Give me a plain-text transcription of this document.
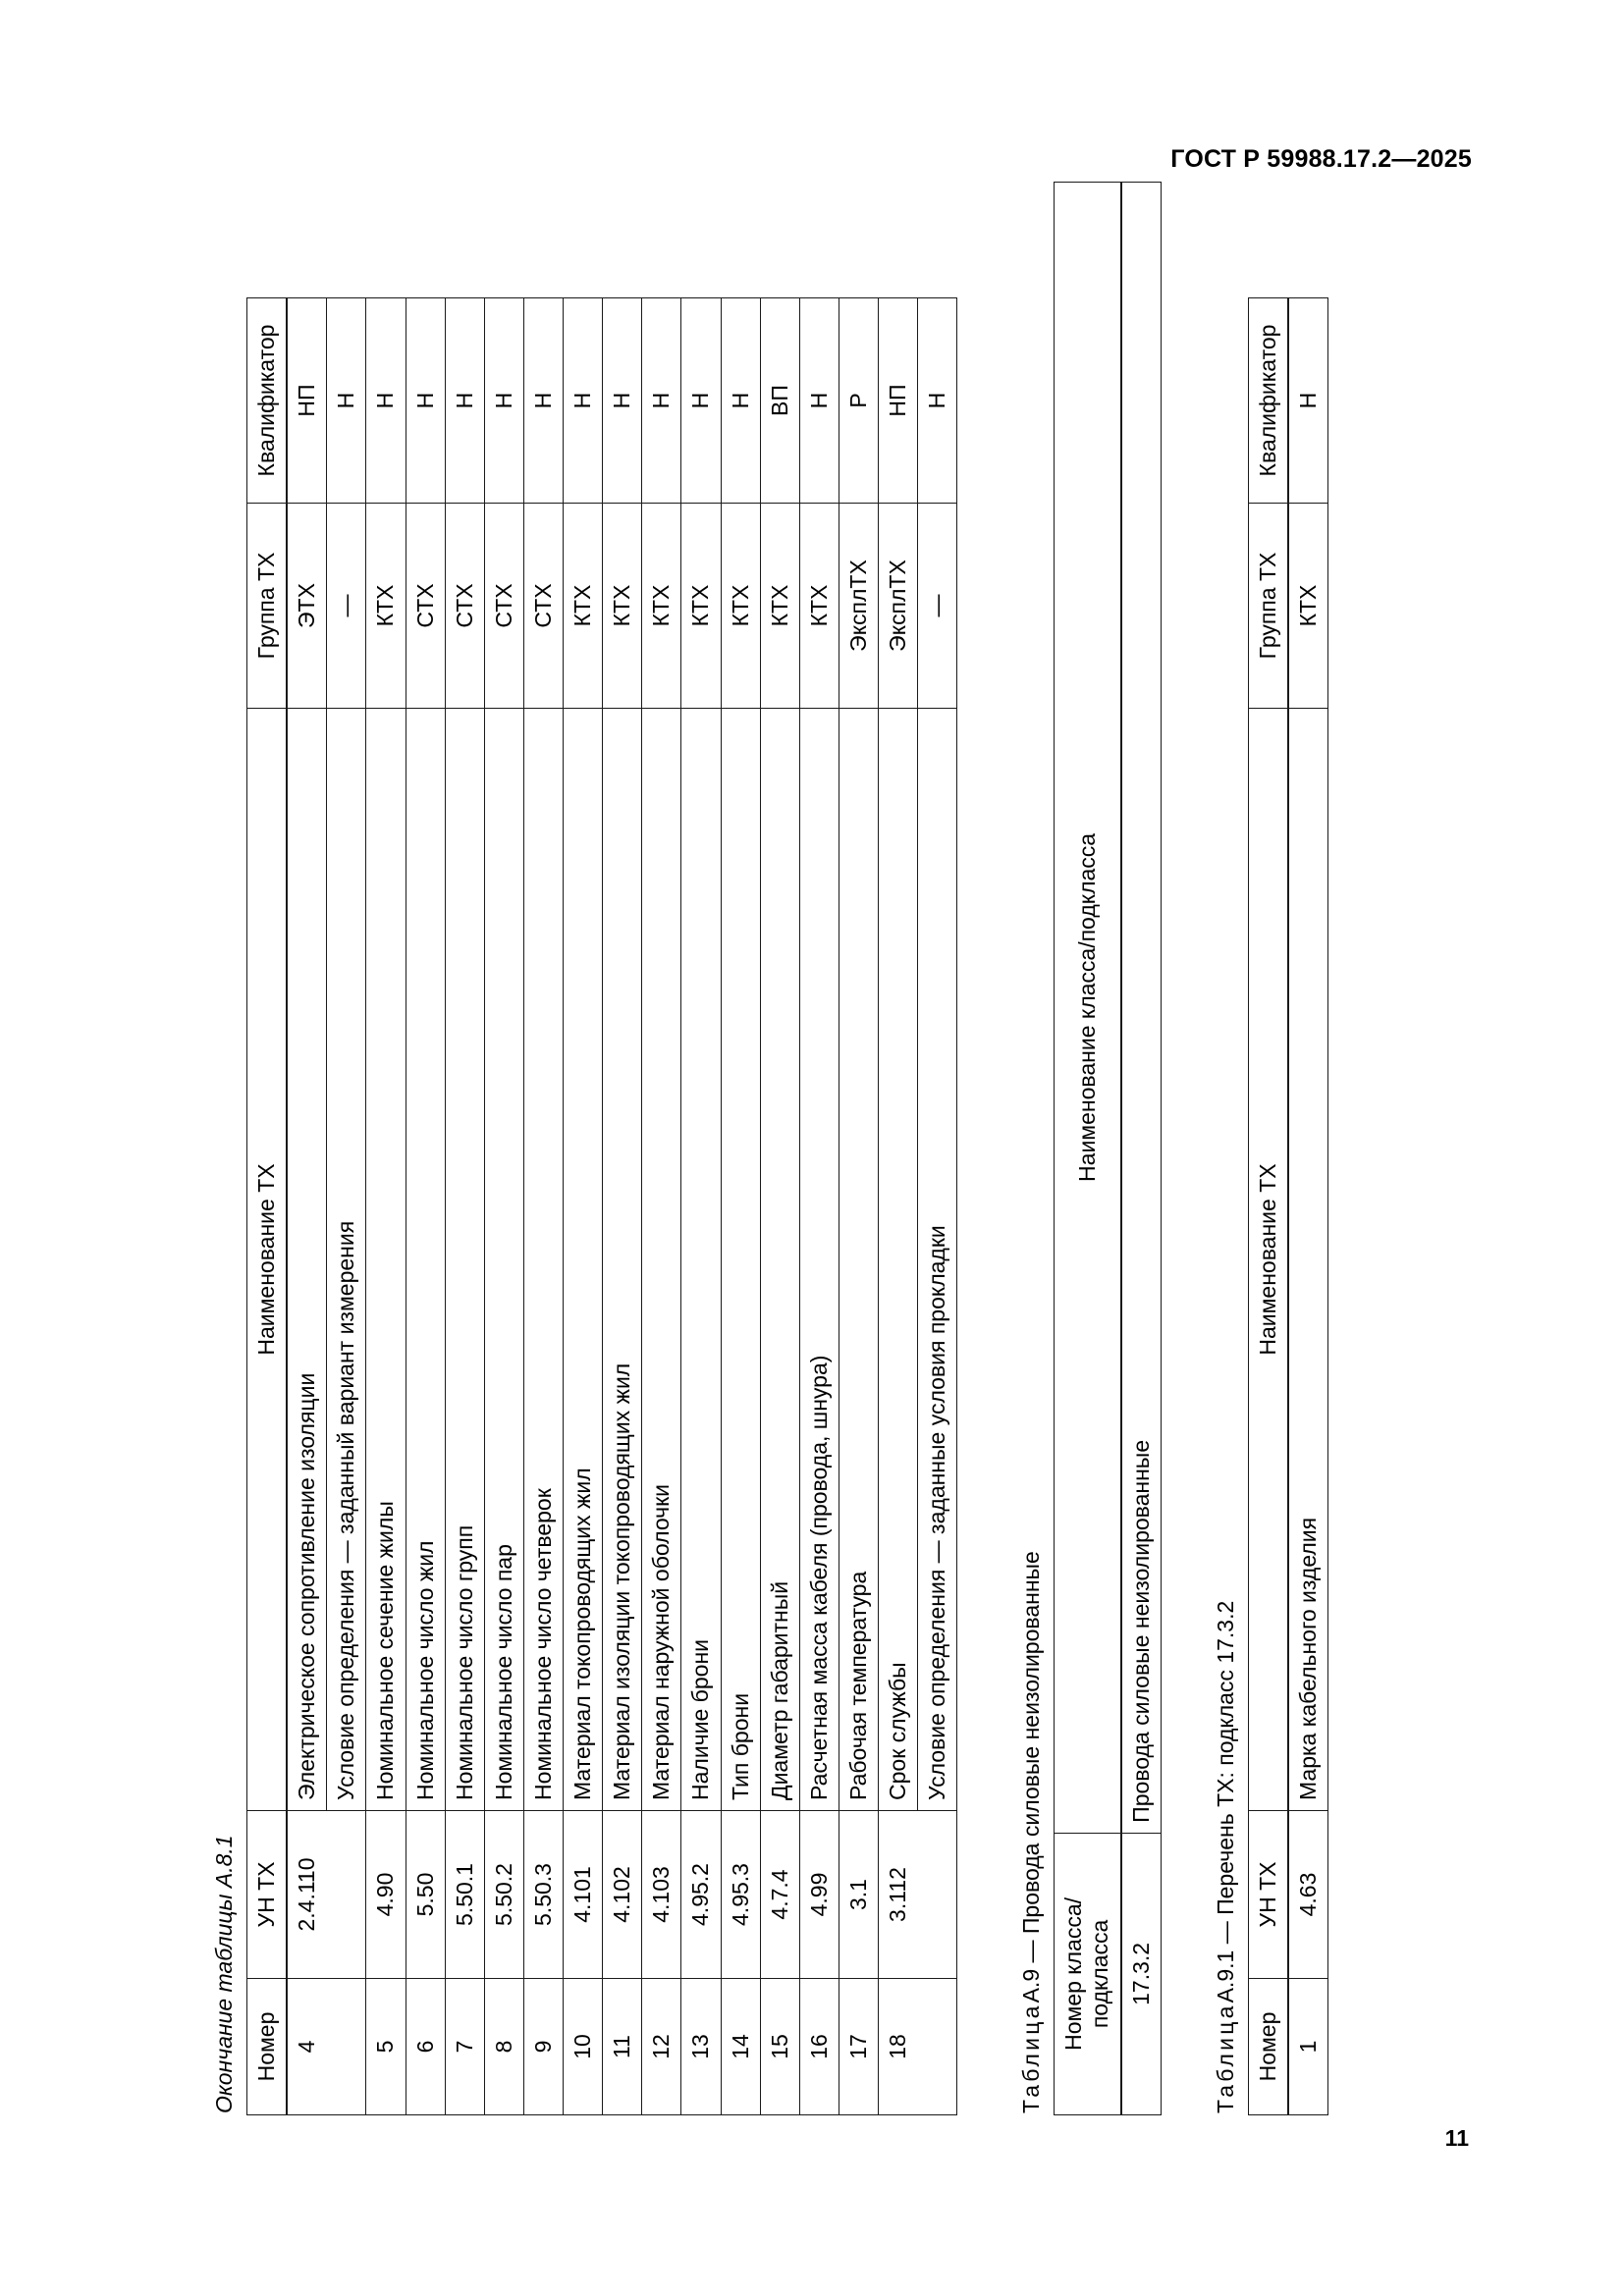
ГОСТ Р 59988.17.2—2025
Окончание таблицы А.8.1 Номер	УН ТХ	Наименование ТХ	Группа ТХ	Квалификатор
4	2.4.110	Электрическое сопротивление изоляции	ЭТХ	НП
		Условие определения — заданный вариант измерения	—	Н
5	4.90	Номинальное сечение жилы	КТХ	Н
6	5.50	Номинальное число жил	СТХ	Н
7	5.50.1	Номинальное число групп	СТХ	Н
8	5.50.2	Номинальное число пар	СТХ	Н
9	5.50.3	Номинальное число четверок	СТХ	Н
10	4.101	Материал токопроводящих жил	КТХ	Н
11	4.102	Материал изоляции токопроводящих жил	КТХ	Н
12	4.103	Материал наружной оболочки	КТХ	Н
13	4.95.2	Наличие брони	КТХ	Н
14	4.95.3	Тип брони	КТХ	Н
15	4.7.4	Диаметр габаритный	КТХ	ВП
16	4.99	Расчетная масса кабеля (провода, шнура)	КТХ	Н
17	3.1	Рабочая температура	ЭксплТХ	Р
18	3.112	Срок службы	ЭксплТХ	НП
		Условие определения — заданные условия прокладки	—	Н
ТаблицаА.9 — Провода силовые неизолированные Номер класса/подкласса	Наименование класса/подкласса
17.3.2	Провода силовые неизолированные
ТаблицаА.9.1 — Перечень ТХ: подкласс 17.3.2
Номер	УН ТХ	Наименование ТХ	Группа ТХ	Квалификатор
1	4.63	Марка кабельного изделия	КТХ	Н
11
